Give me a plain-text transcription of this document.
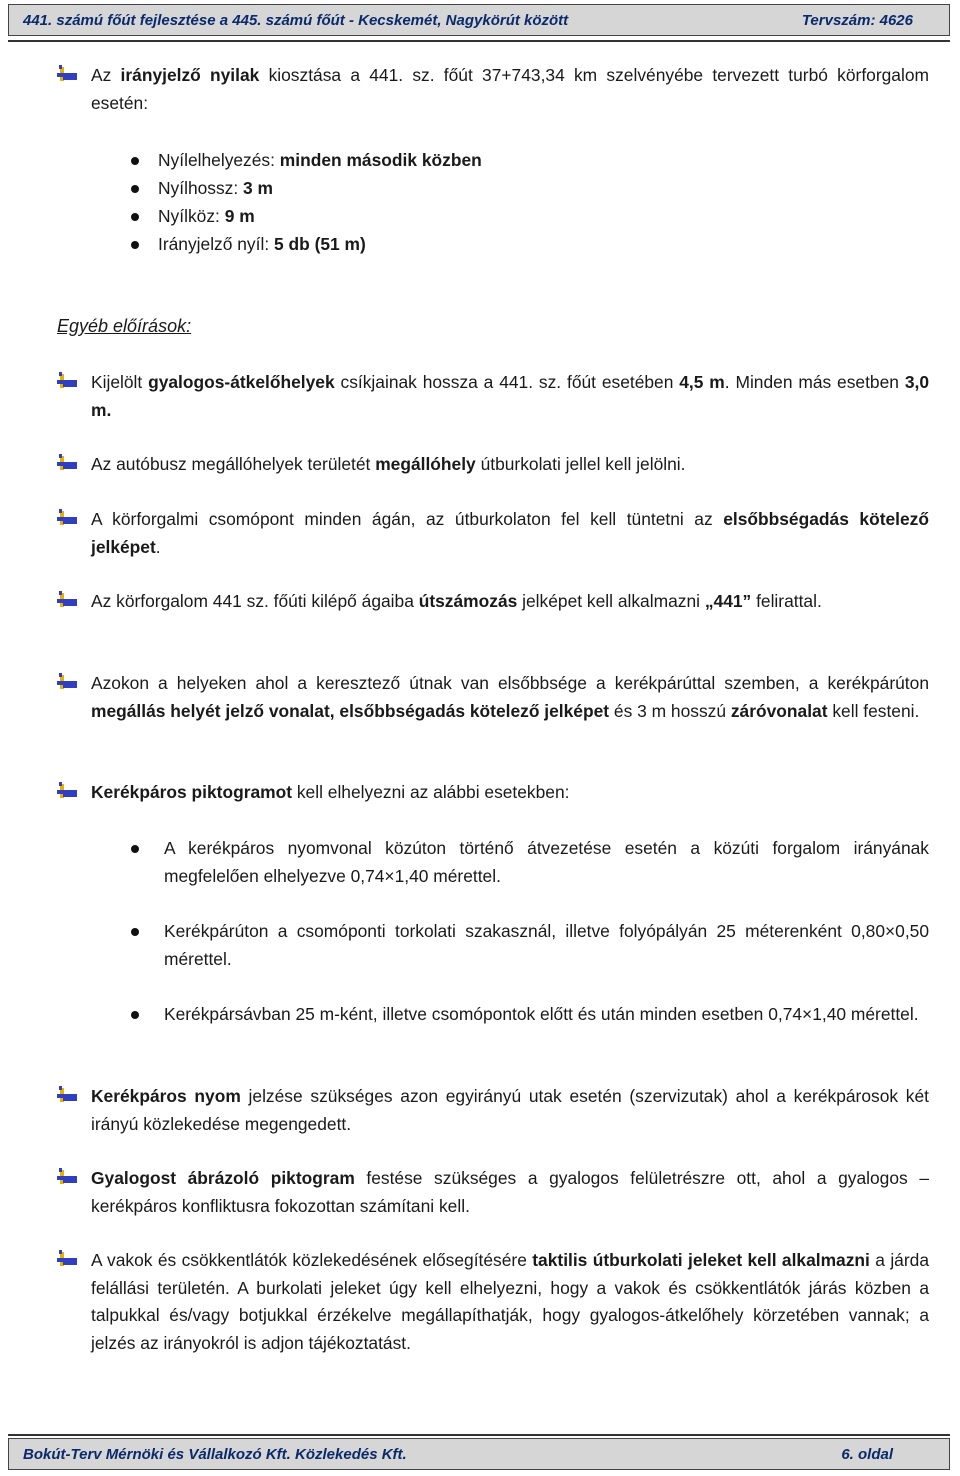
441. számú főút fejlesztése a 445. számú főút - Kecskemét, Nagykörút között	Tervszám: 4626

Az irányjelző nyilak kiosztása a 441. sz. főút 37+743,34 km szelvényébe tervezett turbó körforgalom esetén:

Nyílelhelyezés: minden második közben

Nyílhossz: 3 m

Nyílköz: 9 m

Irányjelző nyíl: 5 db (51 m)

Egyéb előírások:

Kijelölt gyalogos-átkelőhelyek csíkjainak hossza a 441. sz. főút esetében 4,5 m. Minden más esetben 3,0 m.

Az autóbusz megállóhelyek területét megállóhely útburkolati jellel kell jelölni.

A körforgalmi csomópont minden ágán, az útburkolaton fel kell tüntetni az elsőbbségadás kötelező jelképet.

Az körforgalom 441 sz. főúti kilépő ágaiba útszámozás jelképet kell alkalmazni „441” felirattal.

Azokon a helyeken ahol a keresztező útnak van elsőbbsége a kerékpárúttal szemben, a kerékpárúton megállás helyét jelző vonalat, elsőbbségadás kötelező jelképet és 3 m hosszú záróvonalat kell festeni.

Kerékpáros piktogramot kell elhelyezni az alábbi esetekben:

A kerékpáros nyomvonal közúton történő átvezetése esetén a közúti forgalom irányának megfelelően elhelyezve 0,74×1,40 mérettel.

Kerékpárúton a csomóponti torkolati szakasznál, illetve folyópályán 25 méterenként 0,80×0,50 mérettel.

Kerékpársávban 25 m-ként, illetve csomópontok előtt és után minden esetben 0,74×1,40 mérettel.

Kerékpáros nyom jelzése szükséges azon egyirányú utak esetén (szervizutak) ahol a kerékpárosok két irányú közlekedése megengedett.

Gyalogost ábrázoló piktogram festése szükséges a gyalogos felületrészre ott, ahol a gyalogos – kerékpáros konfliktusra fokozottan számítani kell.

A vakok és csökkentlátók közlekedésének elősegítésére taktilis útburkolati jeleket kell alkalmazni a járda felállási területén. A burkolati jeleket úgy kell elhelyezni, hogy a vakok és csökkentlátók járás közben a talpukkal és/vagy botjukkal érzékelve megállapíthatják, hogy gyalogos-átkelőhely körzetében vannak; a jelzés az irányokról is adjon tájékoztatást.

Bokút-Terv Mérnöki és Vállalkozó Kft. Közlekedés Kft.	6. oldal
